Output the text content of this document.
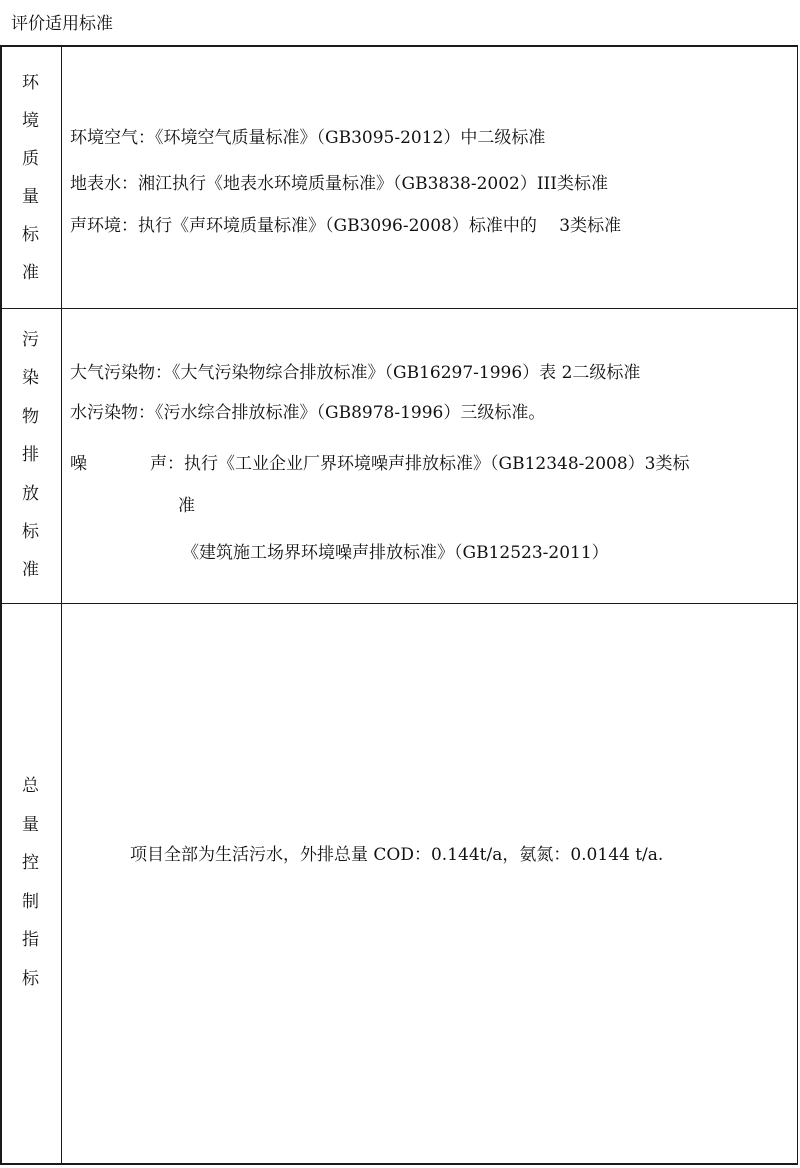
评价适用标准
环
境
质
量
标
准
环境空气：《环境空气质量标准》（GB3095-2012）中二级标准
地表水：湘江执行《地表水环境质量标准》（GB3838-2002）III类标准
声环境：执行《声环境质量标准》（GB3096-2008）标准中的　 3类标准
污
染
物
排
放
标
准
大气污染物：《大气污染物综合排放标准》（GB16297-1996）表 2二级标准
水污染物：《污水综合排放标准》（GB8978-1996）三级标准。
噪	声：执行《工业企业厂界环境噪声排放标准》（GB12348-2008）3类标
准
《建筑施工场界环境噪声排放标准》（GB12523-2011）
总
量
控
制
指
标
项目全部为生活污水，外排总量 COD：0.144t/a，氨氮：0.0144 t/a.
